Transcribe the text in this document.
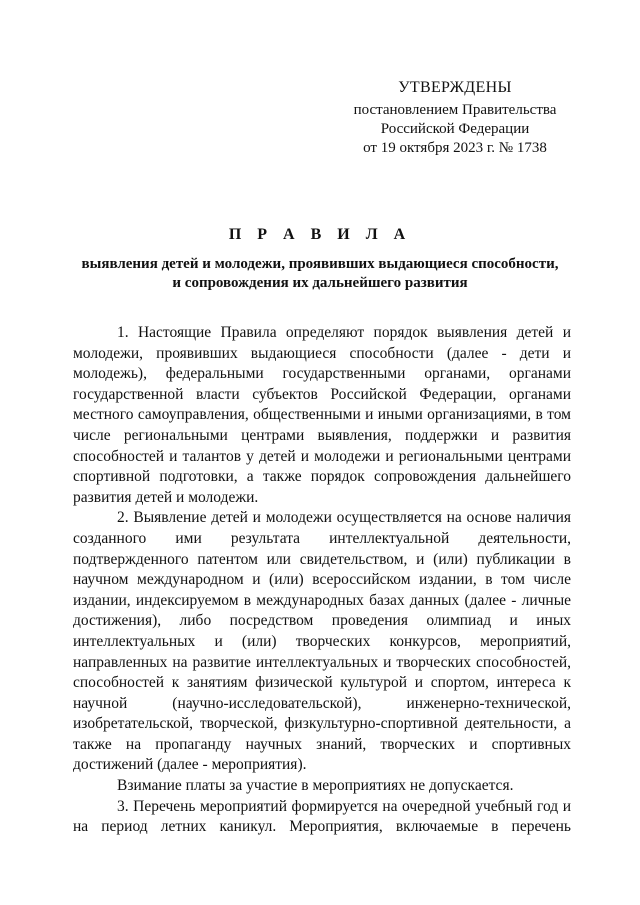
УТВЕРЖДЕНЫ
постановлением Правительства
Российской Федерации
от 19 октября 2023 г. № 1738
П Р А В И Л А
выявления детей и молодежи, проявивших выдающиеся способности,
и сопровождения их дальнейшего развития

1. Настоящие Правила определяют порядок выявления детей и молодежи, проявивших выдающиеся способности (далее - дети и молодежь), федеральными государственными органами, органами государственной власти субъектов Российской Федерации, органами местного самоуправления, общественными и иными организациями, в том числе региональными центрами выявления, поддержки и развития способностей и талантов у детей и молодежи и региональными центрами спортивной подготовки, а также порядок сопровождения дальнейшего развития детей и молодежи.

2. Выявление детей и молодежи осуществляется на основе наличия созданного ими результата интеллектуальной деятельности, подтвержденного патентом или свидетельством, и (или) публикации в научном международном и (или) всероссийском издании, в том числе издании, индексируемом в международных базах данных (далее - личные достижения), либо посредством проведения олимпиад и иных интеллектуальных и (или) творческих конкурсов, мероприятий, направленных на развитие интеллектуальных и творческих способностей, способностей к занятиям физической культурой и спортом, интереса к научной (научно-исследовательской), инженерно-технической, изобретательской, творческой, физкультурно-спортивной деятельности, а также на пропаганду научных знаний, творческих и спортивных достижений (далее - мероприятия).

Взимание платы за участие в мероприятиях не допускается.

3. Перечень мероприятий формируется на очередной учебный год и на период летних каникул. Мероприятия, включаемые в перечень
